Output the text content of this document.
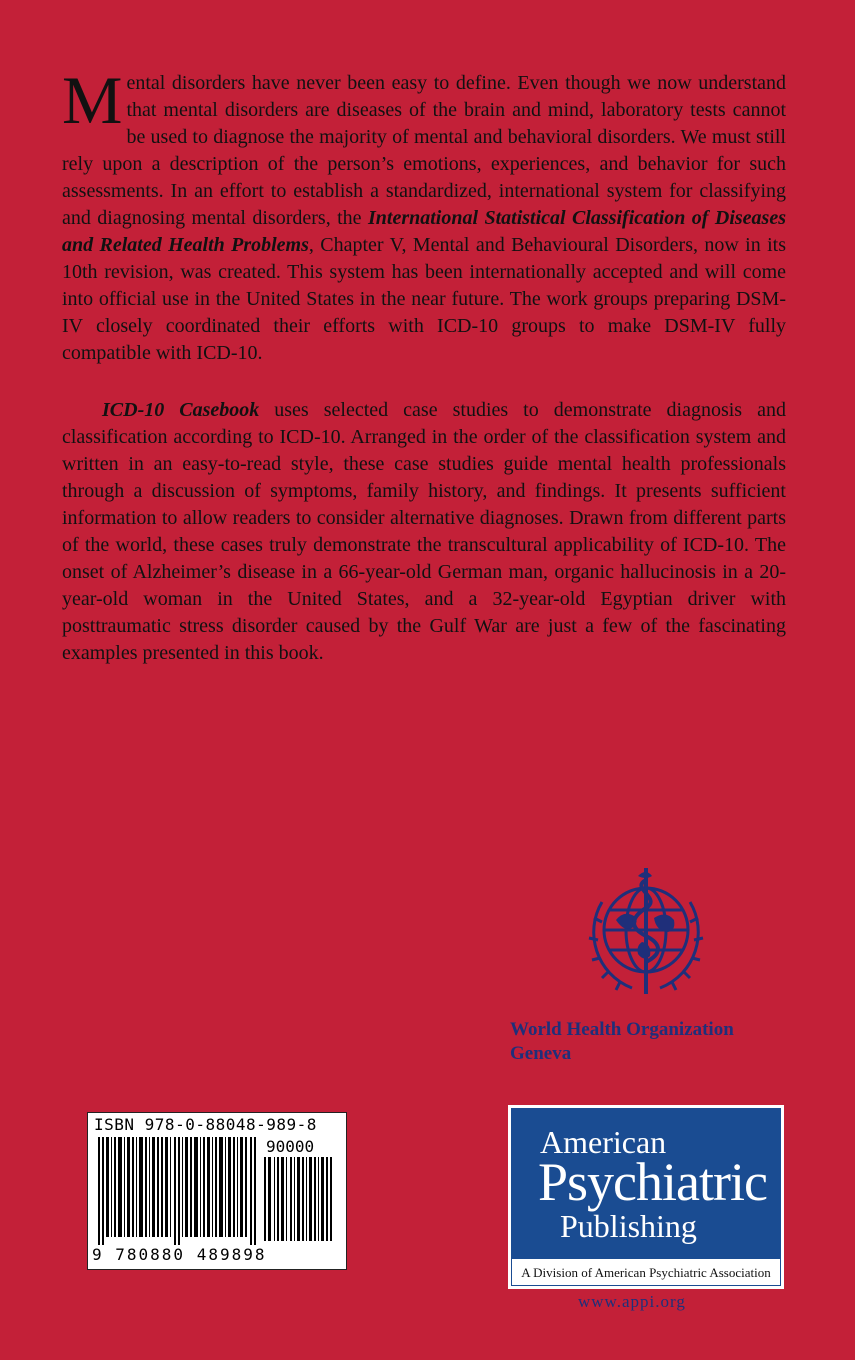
Mental disorders have never been easy to define. Even though we now understand that mental disorders are diseases of the brain and mind, laboratory tests cannot be used to diagnose the majority of mental and behavioral disorders. We must still rely upon a description of the person’s emotions, experiences, and behavior for such assessments. In an effort to establish a standardized, international system for classifying and diagnosing mental disorders, the International Statistical Classification of Diseases and Related Health Problems, Chapter V, Mental and Behavioural Disorders, now in its 10th revision, was created. This system has been internationally accepted and will come into official use in the United States in the near future. The work groups preparing DSM-IV closely coordinated their efforts with ICD-10 groups to make DSM-IV fully compatible with ICD-10.

ICD-10 Casebook uses selected case studies to demonstrate diagnosis and classification according to ICD-10. Arranged in the order of the classification system and written in an easy-to-read style, these case studies guide mental health professionals through a discussion of symptoms, family history, and findings. It presents sufficient information to allow readers to consider alternative diagnoses. Drawn from different parts of the world, these cases truly demonstrate the transcultural applicability of ICD-10. The onset of Alzheimer’s disease in a 66-year-old German man, organic hallucinosis in a 20-year-old woman in the United States, and a 32-year-old Egyptian driver with posttraumatic stress disorder caused by the Gulf War are just a few of the fascinating examples presented in this book.

World Health Organization
Geneva
ISBN 978-0-88048-989-8
90000
9 780880 489898
American
Psychiatric
Publishing
A Division of American Psychiatric Association
www.appi.org
